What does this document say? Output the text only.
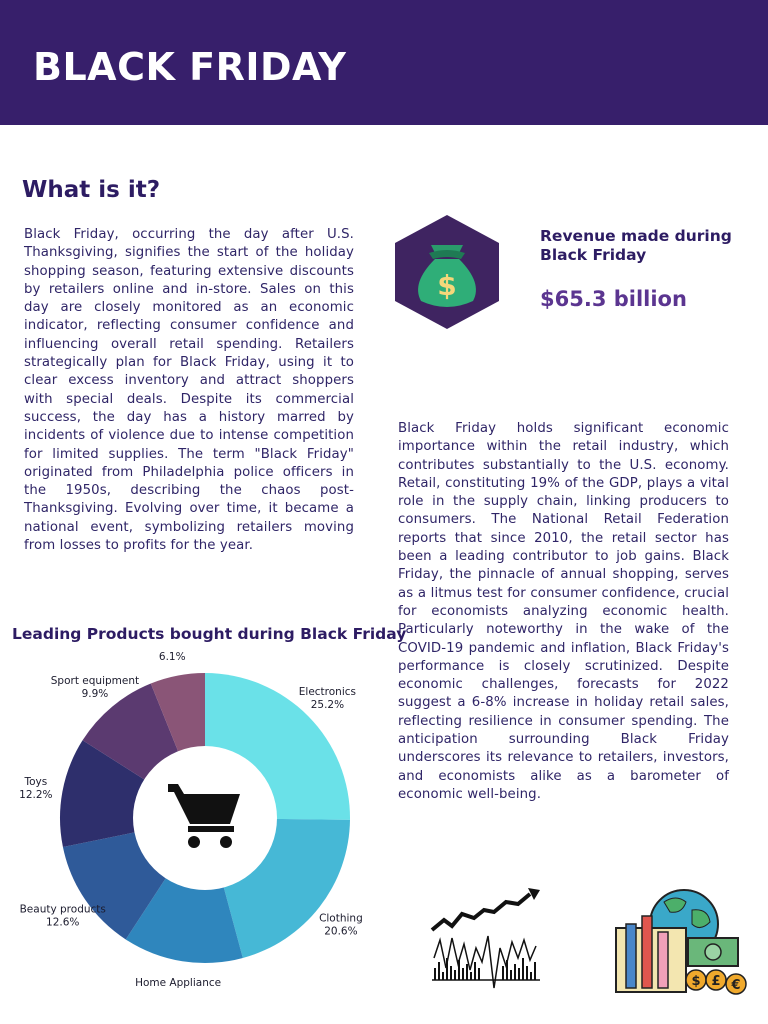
BLACK FRIDAY
What is it?

Black Friday, occurring the day after U.S. Thanksgiving, signifies the start of the holiday shopping season, featuring extensive discounts by retailers online and in-store. Sales on this day are closely monitored as an economic indicator, reflecting consumer confidence and influencing overall retail spending. Retailers strategically plan for Black Friday, using it to clear excess inventory and attract shoppers with special deals. Despite its commercial success, the day has a history marred by incidents of violence due to intense competition for limited supplies. The term "Black Friday" originated from Philadelphia police officers in the 1950s, describing the chaos post-Thanksgiving. Evolving over time, it became a national event, symbolizing retailers moving from losses to profits for the year.

$
Revenue made during Black Friday
$65.3 billion

Black Friday holds significant economic importance within the retail industry, which contributes substantially to the U.S. economy. Retail, constituting 19% of the GDP, plays a vital role in the supply chain, linking producers to consumers. The National Retail Federation reports that since 2010, the retail sector has been a leading contributor to job gains. Black Friday, the pinnacle of annual shopping, serves as a litmus test for consumer confidence, crucial for economists analyzing economic health. Particularly noteworthy in the wake of the COVID-19 pandemic and inflation, Black Friday's performance is closely scrutinized. Despite economic challenges, forecasts for 2022 suggest a 6-8% increase in holiday retail sales, reflecting resilience in consumer spending. The anticipation surrounding Black Friday underscores its relevance to retailers, investors, and economists alike as a barometer of economic well-being.

Leading Products bought during Black Friday
Electronics
25.2%
Clothing
20.6%
Home Appliance
Beauty products
12.6%
Toys
12.2%
Sport equipment
9.9%
6.1%
$ £ €
